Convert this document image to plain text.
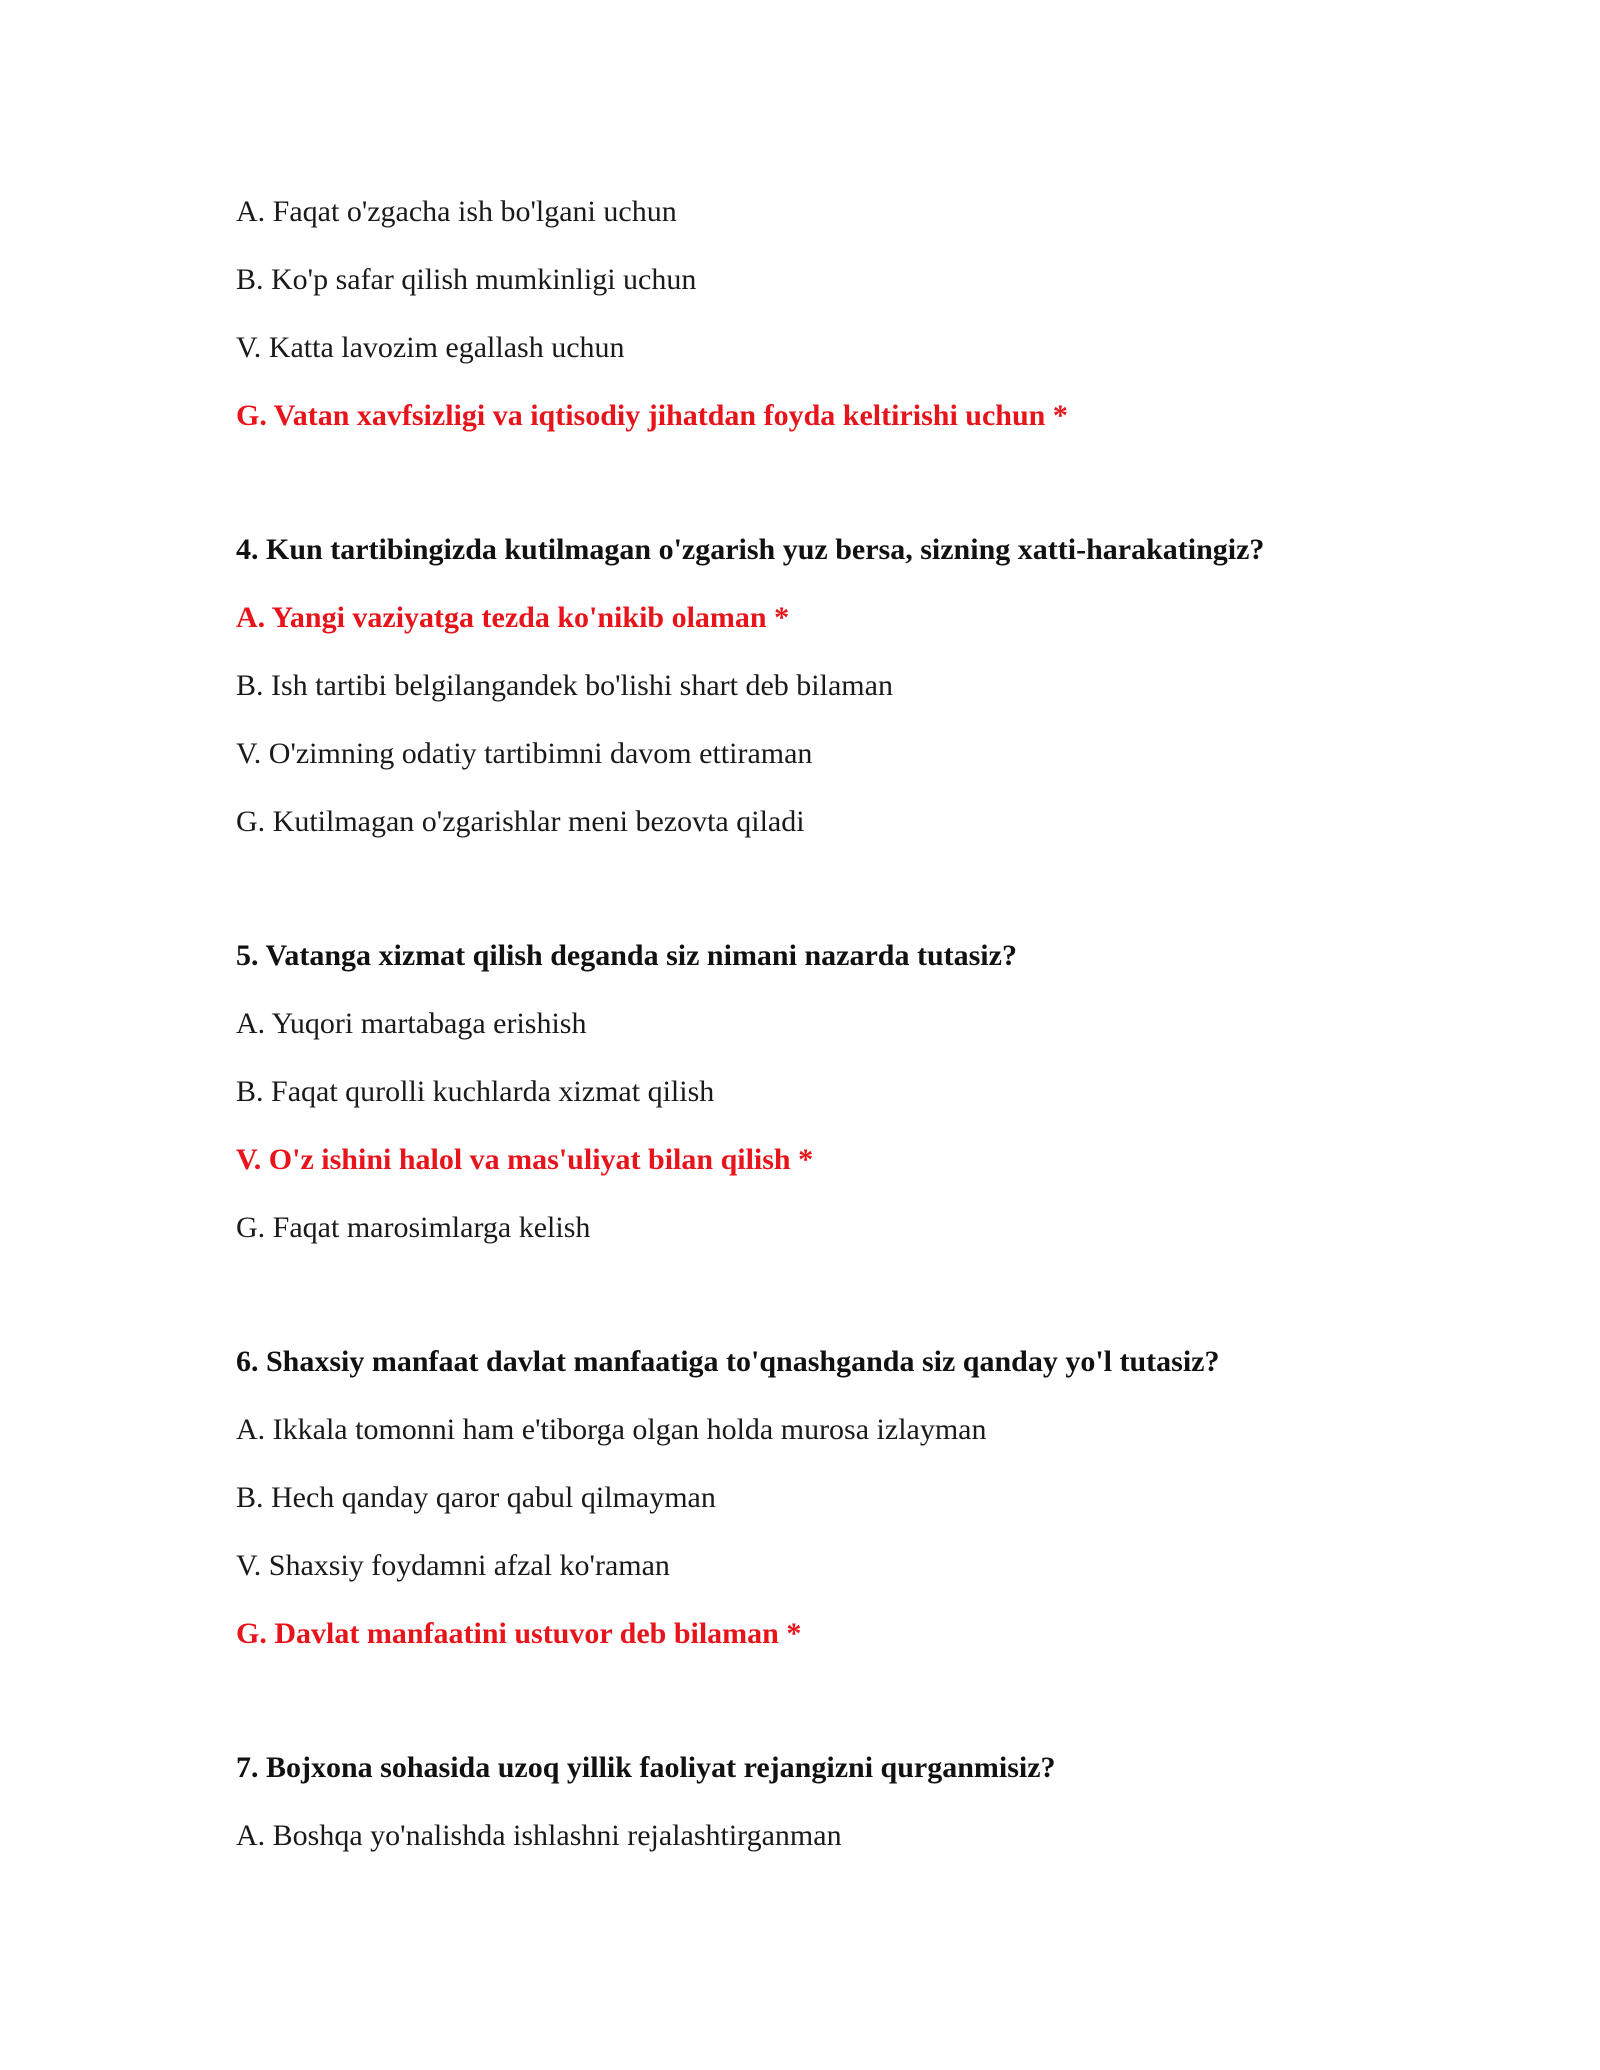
A. Faqat o'zgacha ish bo'lgani uchun
B. Ko'p safar qilish mumkinligi uchun
V. Katta lavozim egallash uchun
G. Vatan xavfsizligi va iqtisodiy jihatdan foyda keltirishi uchun *
4. Kun tartibingizda kutilmagan o'zgarish yuz bersa, sizning xatti-harakatingiz?
A. Yangi vaziyatga tezda ko'nikib olaman *
B. Ish tartibi belgilangandek bo'lishi shart deb bilaman
V. O'zimning odatiy tartibimni davom ettiraman
G. Kutilmagan o'zgarishlar meni bezovta qiladi
5. Vatanga xizmat qilish deganda siz nimani nazarda tutasiz?
A. Yuqori martabaga erishish
B. Faqat qurolli kuchlarda xizmat qilish
V. O'z ishini halol va mas'uliyat bilan qilish *
G. Faqat marosimlarga kelish
6. Shaxsiy manfaat davlat manfaatiga to'qnashganda siz qanday yo'l tutasiz?
A. Ikkala tomonni ham e'tiborga olgan holda murosa izlayman
B. Hech qanday qaror qabul qilmayman
V. Shaxsiy foydamni afzal ko'raman
G. Davlat manfaatini ustuvor deb bilaman *
7. Bojxona sohasida uzoq yillik faoliyat rejangizni qurganmisiz?
A. Boshqa yo'nalishda ishlashni rejalashtirganman
